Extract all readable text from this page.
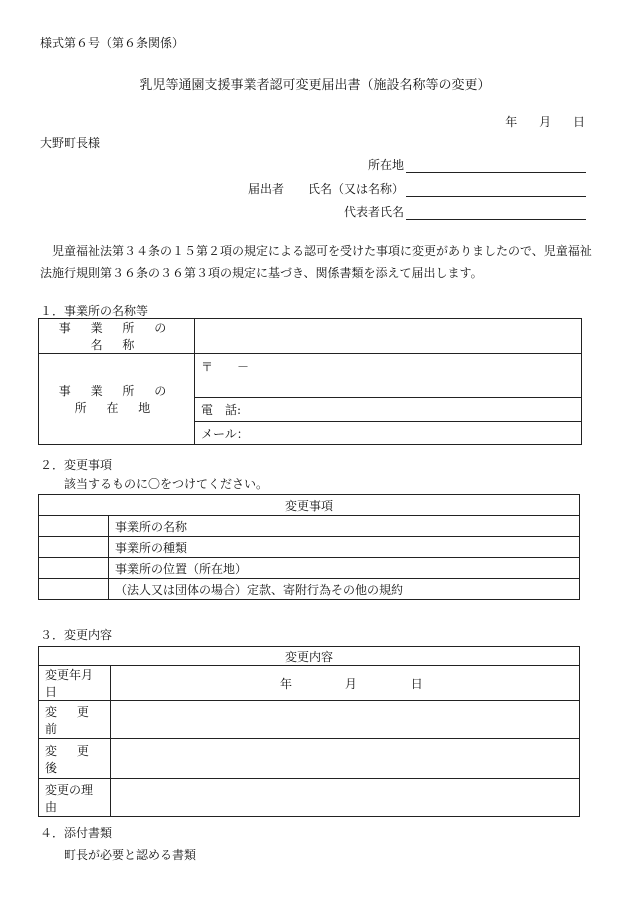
様式第６号（第６条関係）
乳児等通園支援事業者認可変更届出書（施設名称等の変更）
年 月 日
大野町長様
所在地
届出者 氏名（又は名称）
代表者氏名
児童福祉法第３４条の１５第２項の規定による認可を受けた事項に変更がありましたので、児童福祉法施行規則第３６条の３６第３項の規定に基づき、関係書類を添えて届出します。
１．事業所の名称等
事 業 所 の 名 称	
事 業 所 の 所 在 地	〒　　－
	電　話:
	メール：
２．変更事項
該当するものに〇をつけてください。
変更事項	
	事業所の名称
	事業所の種類
	事業所の位置（所在地）
	（法人又は団体の場合）定款、寄附行為その他の規約
３．変更内容
変更内容	
変更年月日	年 月 日
変 更 前	
変 更 後	
変更の理由	
４．添付書類
町長が必要と認める書類
